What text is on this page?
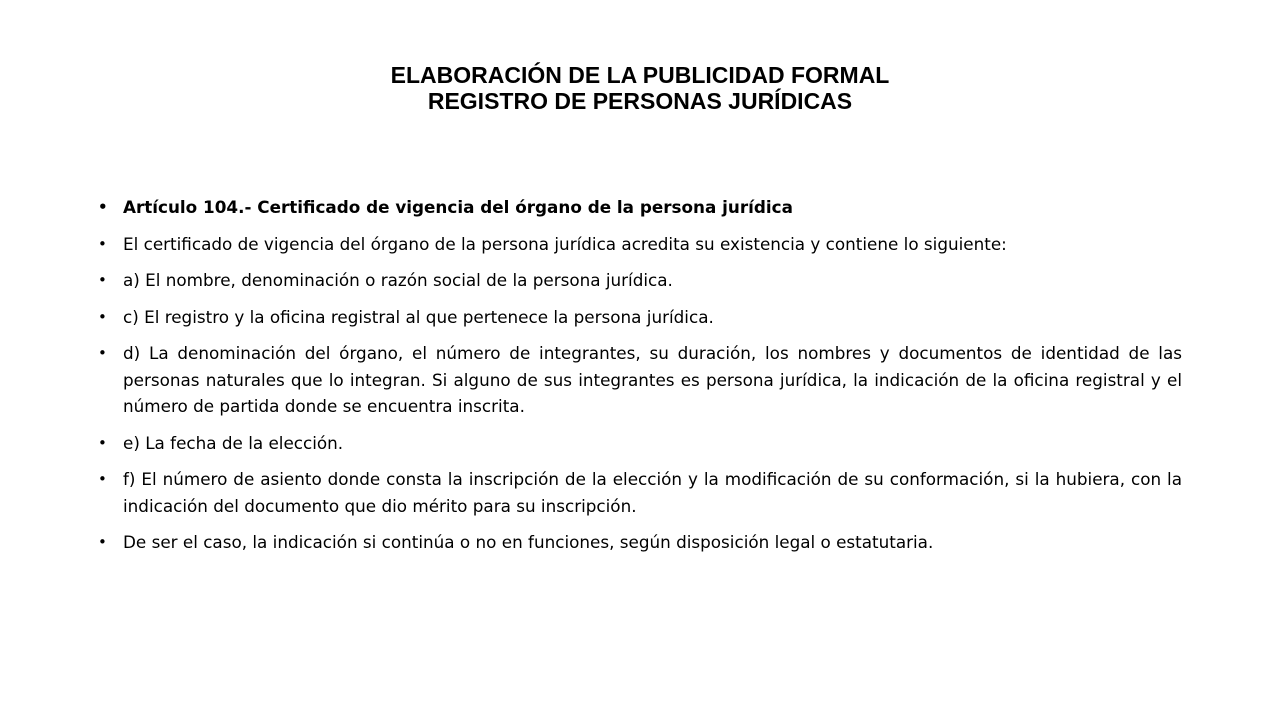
ELABORACIÓN DE LA PUBLICIDAD FORMAL
REGISTRO DE PERSONAS JURÍDICAS
• Artículo 104.- Certificado de vigencia del órgano de la persona jurídica
• El certificado de vigencia del órgano de la persona jurídica acredita su existencia y contiene lo siguiente:
• a) El nombre, denominación o razón social de la persona jurídica.
• c) El registro y la oficina registral al que pertenece la persona jurídica.
• d) La denominación del órgano, el número de integrantes, su duración, los nombres y documentos de identidad de las personas naturales que lo integran. Si alguno de sus integrantes es persona jurídica, la indicación de la oficina registral y el número de partida donde se encuentra inscrita.
• e) La fecha de la elección.
• f) El número de asiento donde consta la inscripción de la elección y la modificación de su conformación, si la hubiera, con la indicación del documento que dio mérito para su inscripción.
• De ser el caso, la indicación si continúa o no en funciones, según disposición legal o estatutaria.
